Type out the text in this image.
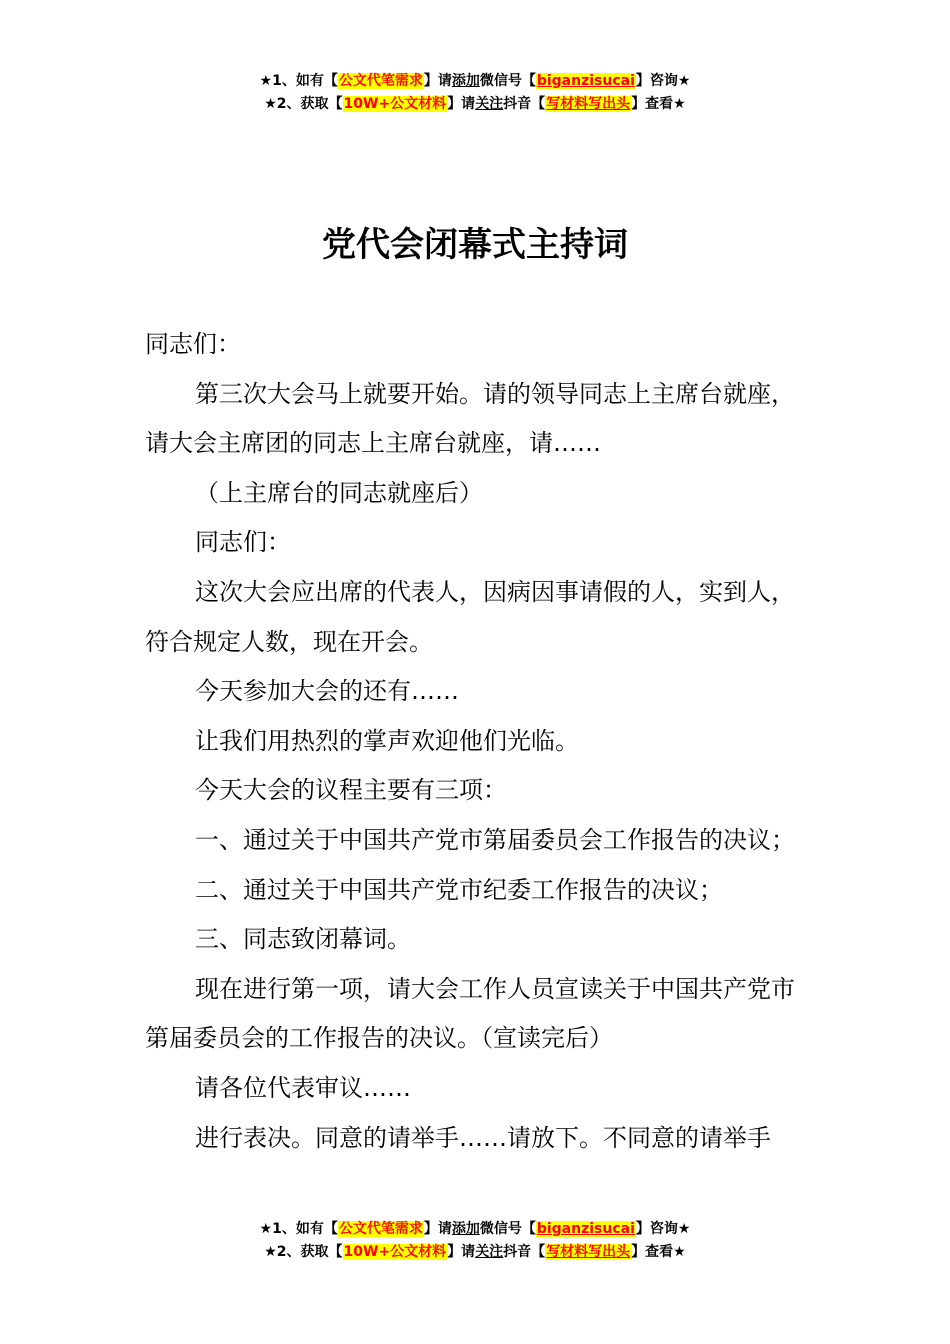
★1、如有【公文代笔需求】请添加微信号【biganzisucai】咨询★
★2、获取【10W+公文材料】请关注抖音【写材料写出头】查看★
党代会闭幕式主持词

同志们：

第三次大会马上就要开始。请的领导同志上主席台就座，请大会主席团的同志上主席台就座，请……

（上主席台的同志就座后）

同志们：

这次大会应出席的代表人，因病因事请假的人，实到人，符合规定人数，现在开会。

今天参加大会的还有……

让我们用热烈的掌声欢迎他们光临。

今天大会的议程主要有三项：

一、通过关于中国共产党市第届委员会工作报告的决议；

二、通过关于中国共产党市纪委工作报告的决议；

三、同志致闭幕词。

现在进行第一项，请大会工作人员宣读关于中国共产党市第届委员会的工作报告的决议。（宣读完后）

请各位代表审议……

进行表决。同意的请举手……请放下。不同意的请举手

★1、如有【公文代笔需求】请添加微信号【biganzisucai】咨询★
★2、获取【10W+公文材料】请关注抖音【写材料写出头】查看★
